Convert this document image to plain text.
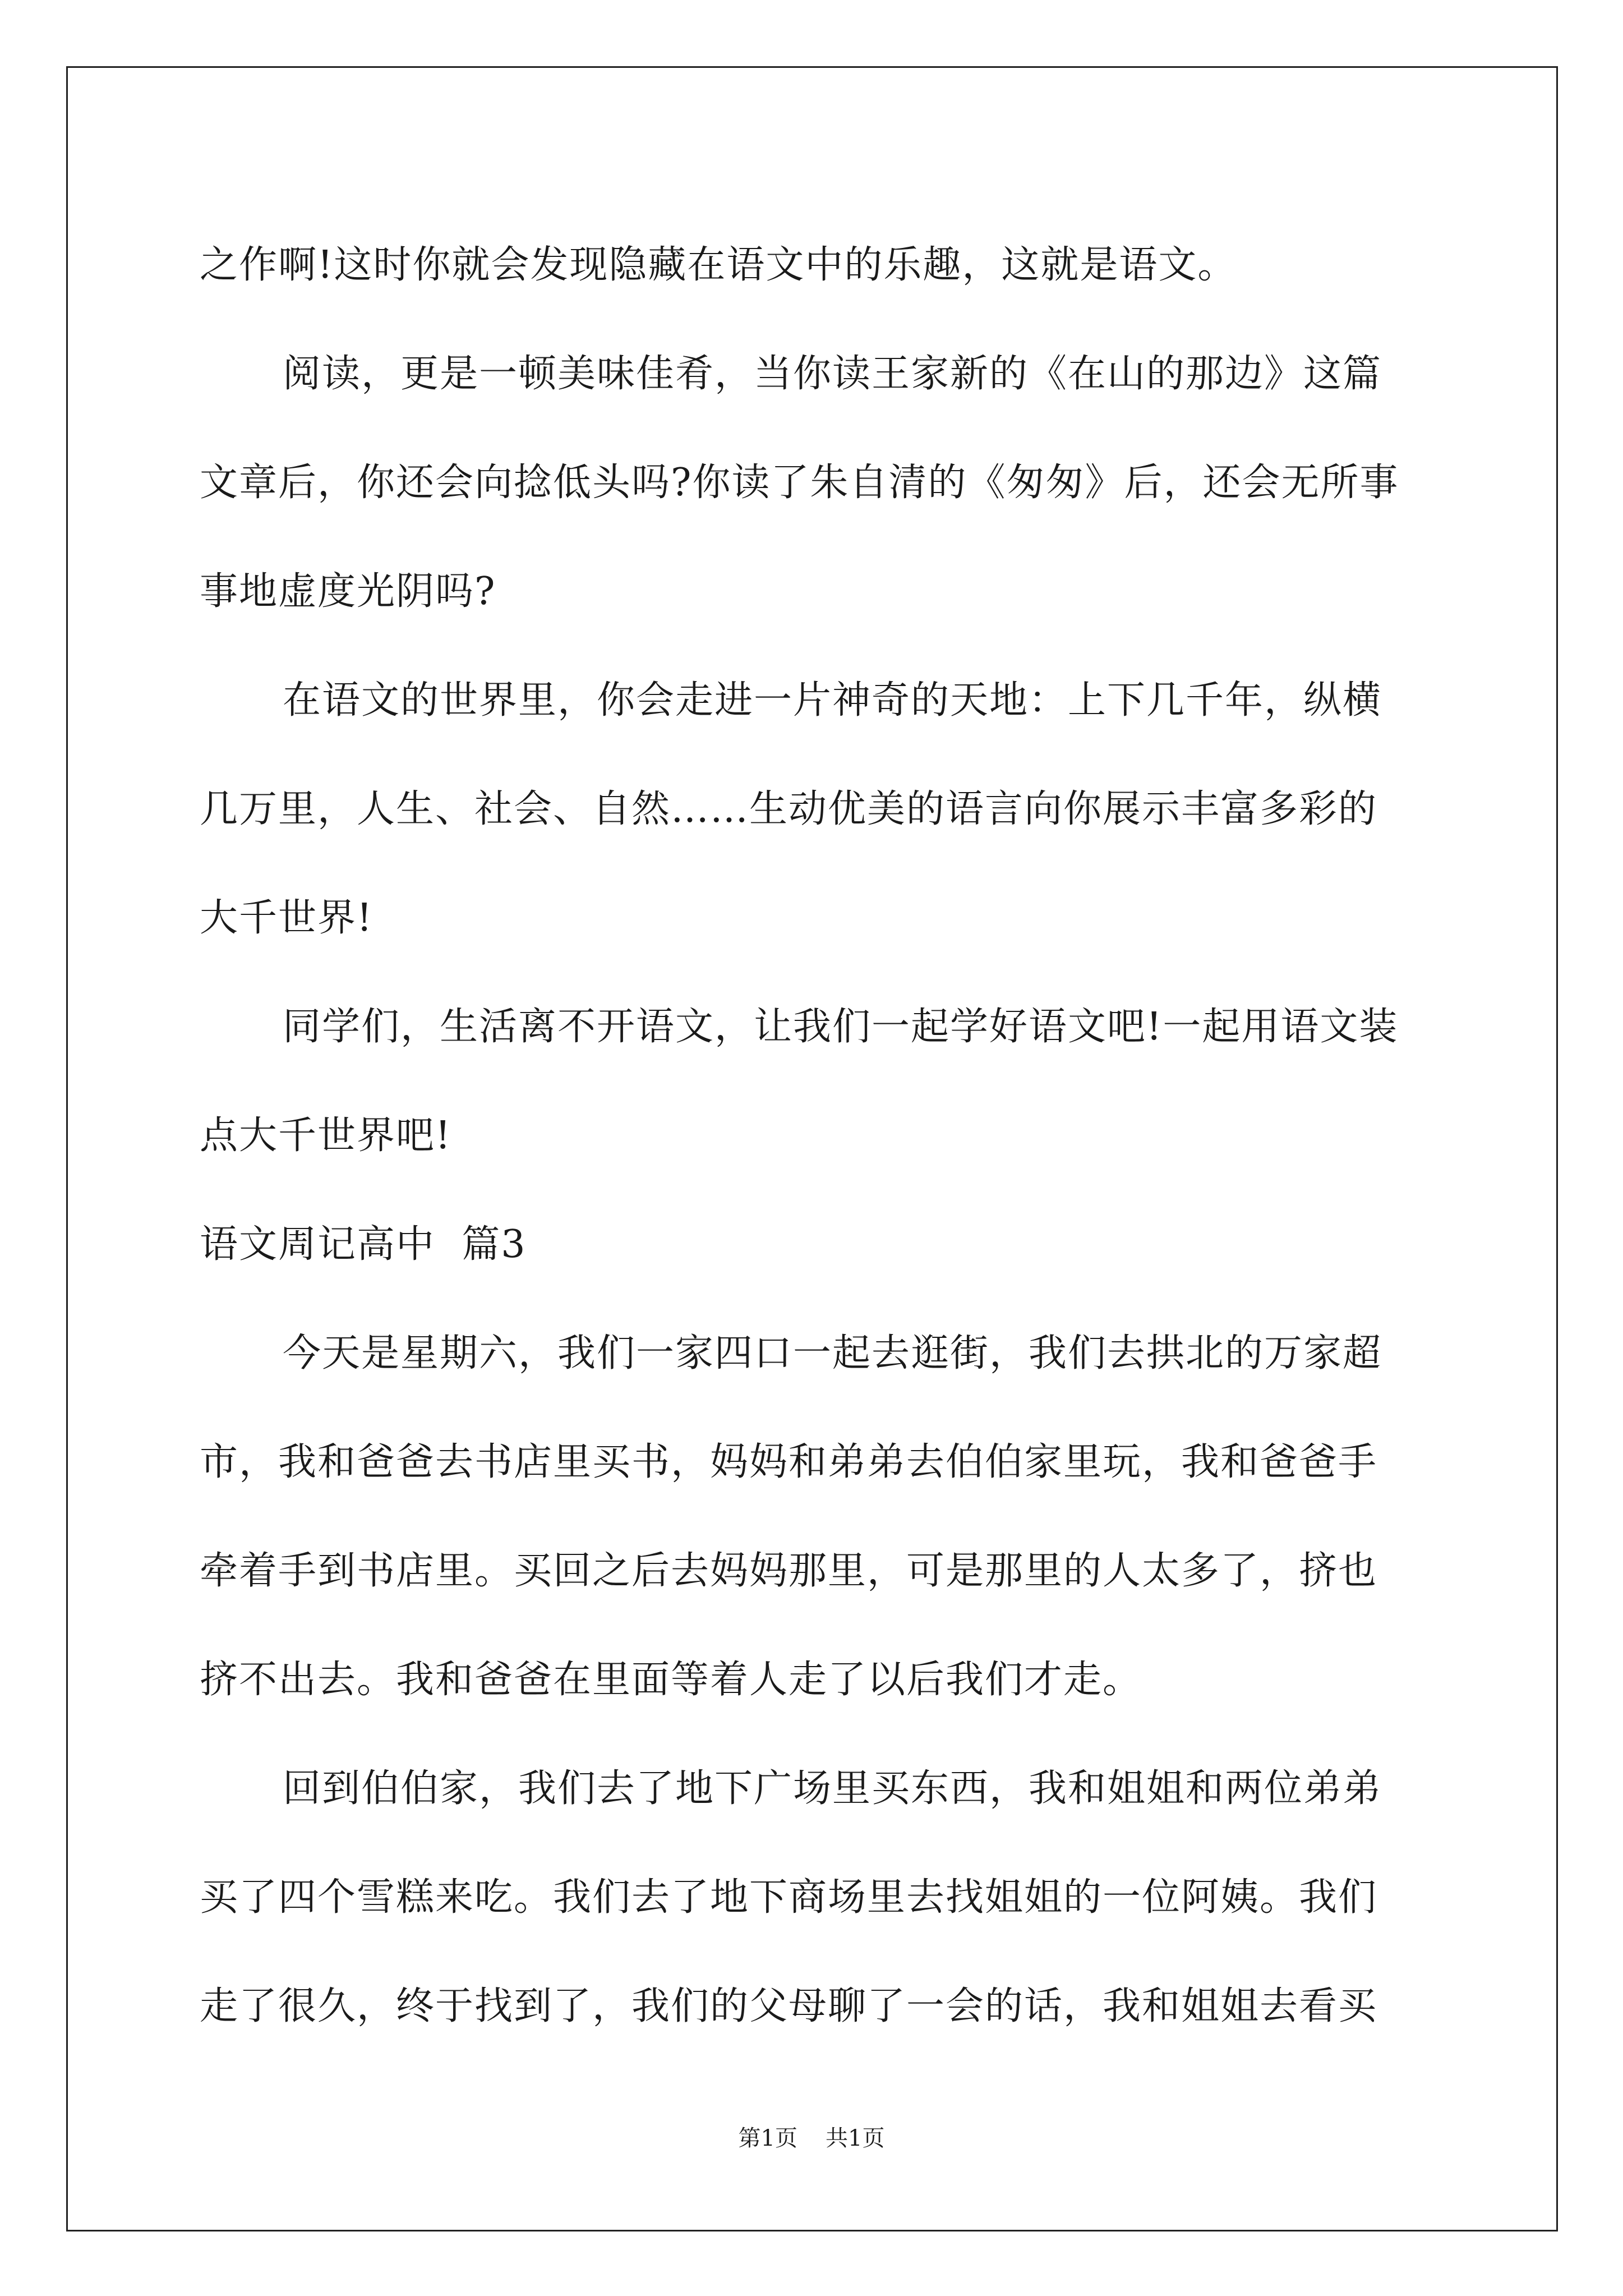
之作啊!这时你就会发现隐藏在语文中的乐趣，这就是语文。
阅读，更是一顿美味佳肴，当你读王家新的《在山的那边》这篇
文章后，你还会向捻低头吗?你读了朱自清的《匆匆》后，还会无所事
事地虚度光阴吗?
在语文的世界里，你会走进一片神奇的天地：上下几千年，纵横
几万里，人生、社会、自然……生动优美的语言向你展示丰富多彩的
大千世界!
同学们，生活离不开语文，让我们一起学好语文吧!一起用语文装
点大千世界吧!
语文周记高中  篇3
今天是星期六，我们一家四口一起去逛街，我们去拱北的万家超
市，我和爸爸去书店里买书，妈妈和弟弟去伯伯家里玩，我和爸爸手
牵着手到书店里。买回之后去妈妈那里，可是那里的人太多了，挤也
挤不出去。我和爸爸在里面等着人走了以后我们才走。
回到伯伯家，我们去了地下广场里买东西，我和姐姐和两位弟弟
买了四个雪糕来吃。我们去了地下商场里去找姐姐的一位阿姨。我们
走了很久，终于找到了，我们的父母聊了一会的话，我和姐姐去看买
第1页 共1页
